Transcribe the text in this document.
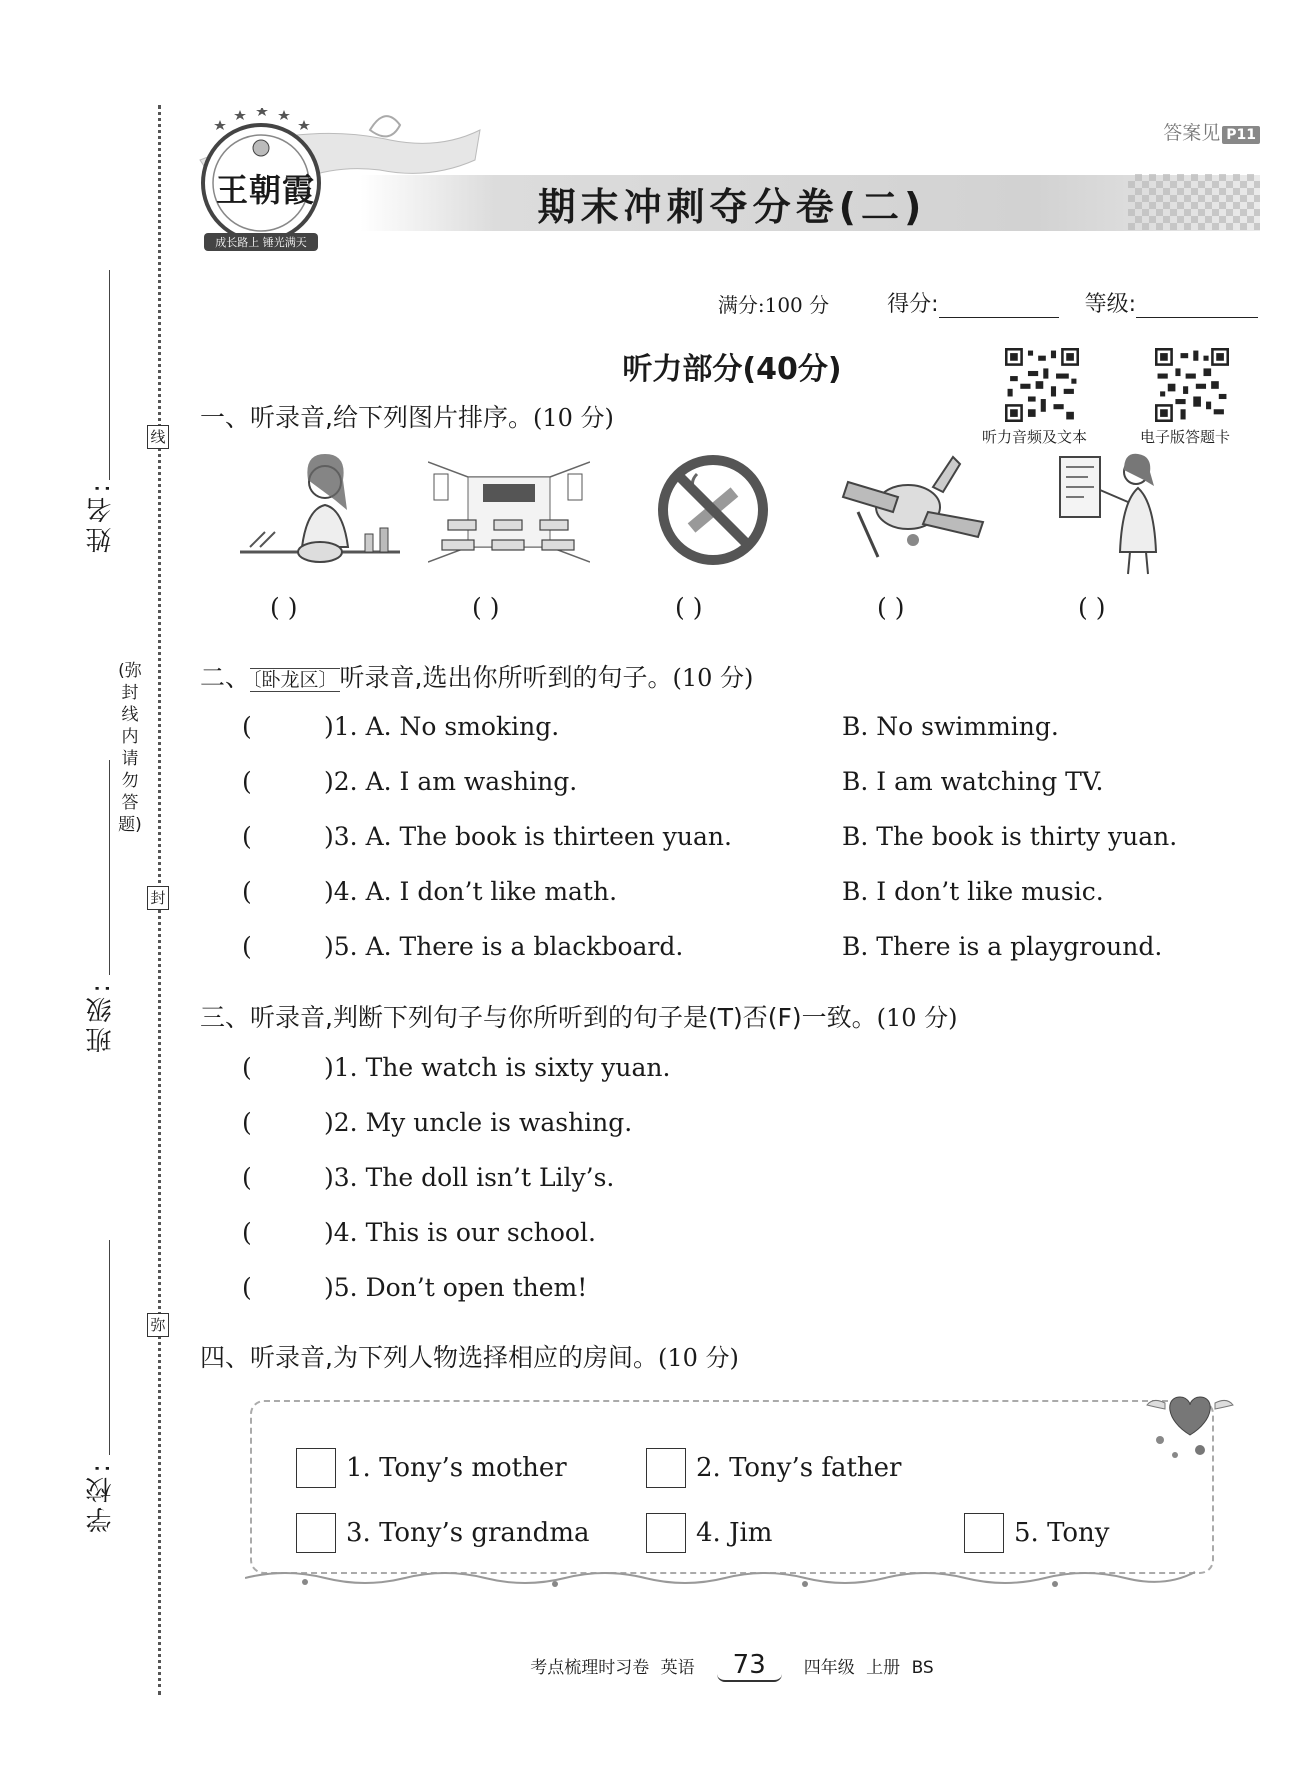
线
封
弥
(弥封线内请勿答题)
姓名:
班级:
学校:
答案见 P11
王朝霞
成长路上 锤光满天
期末冲刺夺分卷(二)
满分:100 分	得分:	等级:
听力部分(40分)
听力音频及文本	电子版答题卡
一、听录音,给下列图片排序。(10 分)
( )	( )	( )	( )	( )
二、 〔卧龙区〕听录音,选出你所听到的句子。(10 分)
(	)1. A. No smoking.	B. No swimming.
(	)2. A. I am washing.	B. I am watching TV.
(	)3. A. The book is thirteen yuan.	B. The book is thirty yuan.
(	)4. A. I don’t like math.	B. I don’t like music.
(	)5. A. There is a blackboard.	B. There is a playground.
三、听录音,判断下列句子与你所听到的句子是(T)否(F)一致。(10 分)
(	)1. The watch is sixty yuan.
(	)2. My uncle is washing.
(	)3. The doll isn’t Lily’s.
(	)4. This is our school.
(	)5. Don’t open them!
四、听录音,为下列人物选择相应的房间。(10 分)
1. Tony’s mother	2. Tony’s father
3. Tony’s grandma	4. Jim	5. Tony
考点梳理时习卷 英语 73 四年级 上册 BS
